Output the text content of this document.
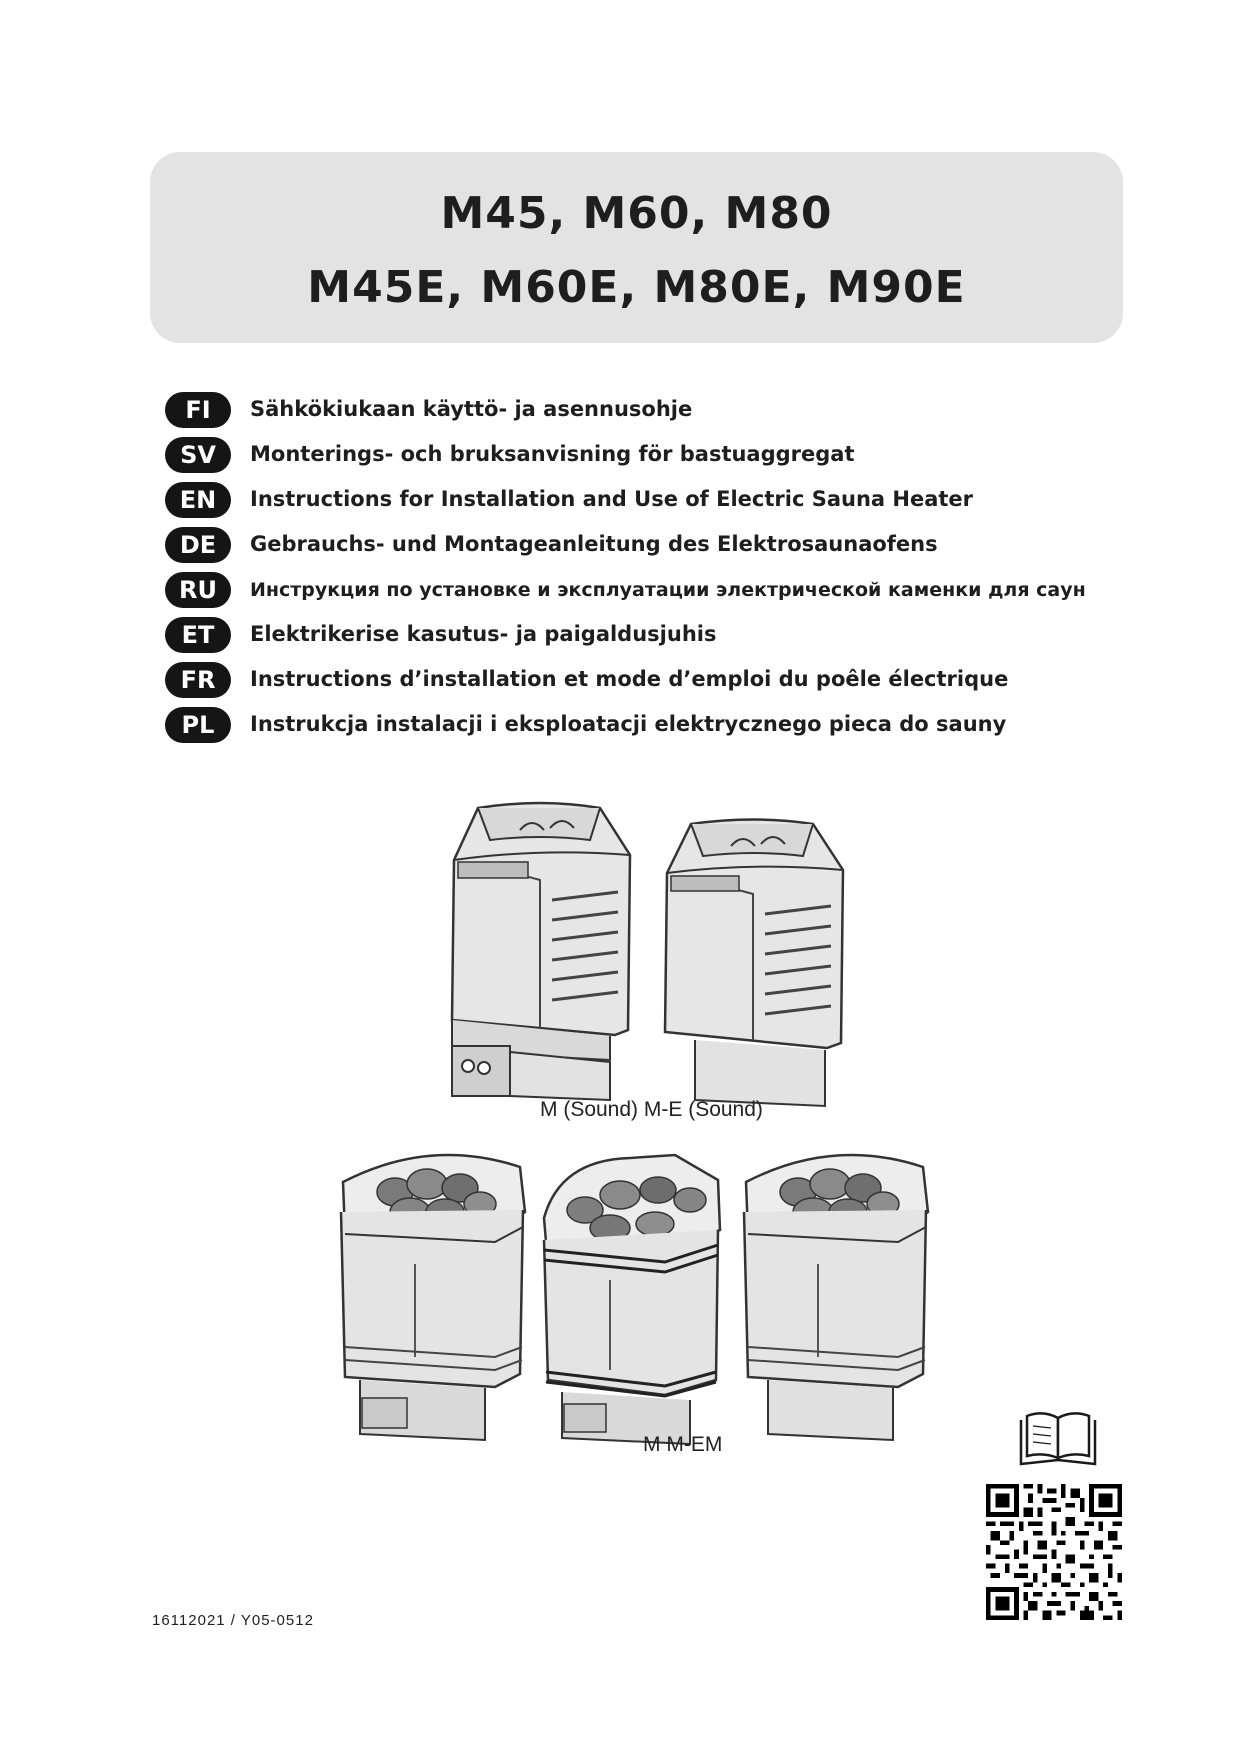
M45, M60, M80
M45E, M60E, M80E, M90E
FI	Sähkökiukaan käyttö- ja asennusohje
SV	Monterings- och bruksanvisning för bastuaggregat
EN	Instructions for Installation and Use of Electric Sauna Heater
DE	Gebrauchs- und Montageanleitung des Elektrosaunaofens
RU	Инструкция по установке и эксплуатации электрической каменки для саун
ET	Elektrikerise kasutus- ja paigaldusjuhis
FR	Instructions d’installation et mode d’emploi du poêle électrique
PL	Instrukcja instalacji i eksploatacji elektrycznego pieca do sauny
M (Sound) M-E (Sound)
M M-EM
16112021 / Y05-0512
